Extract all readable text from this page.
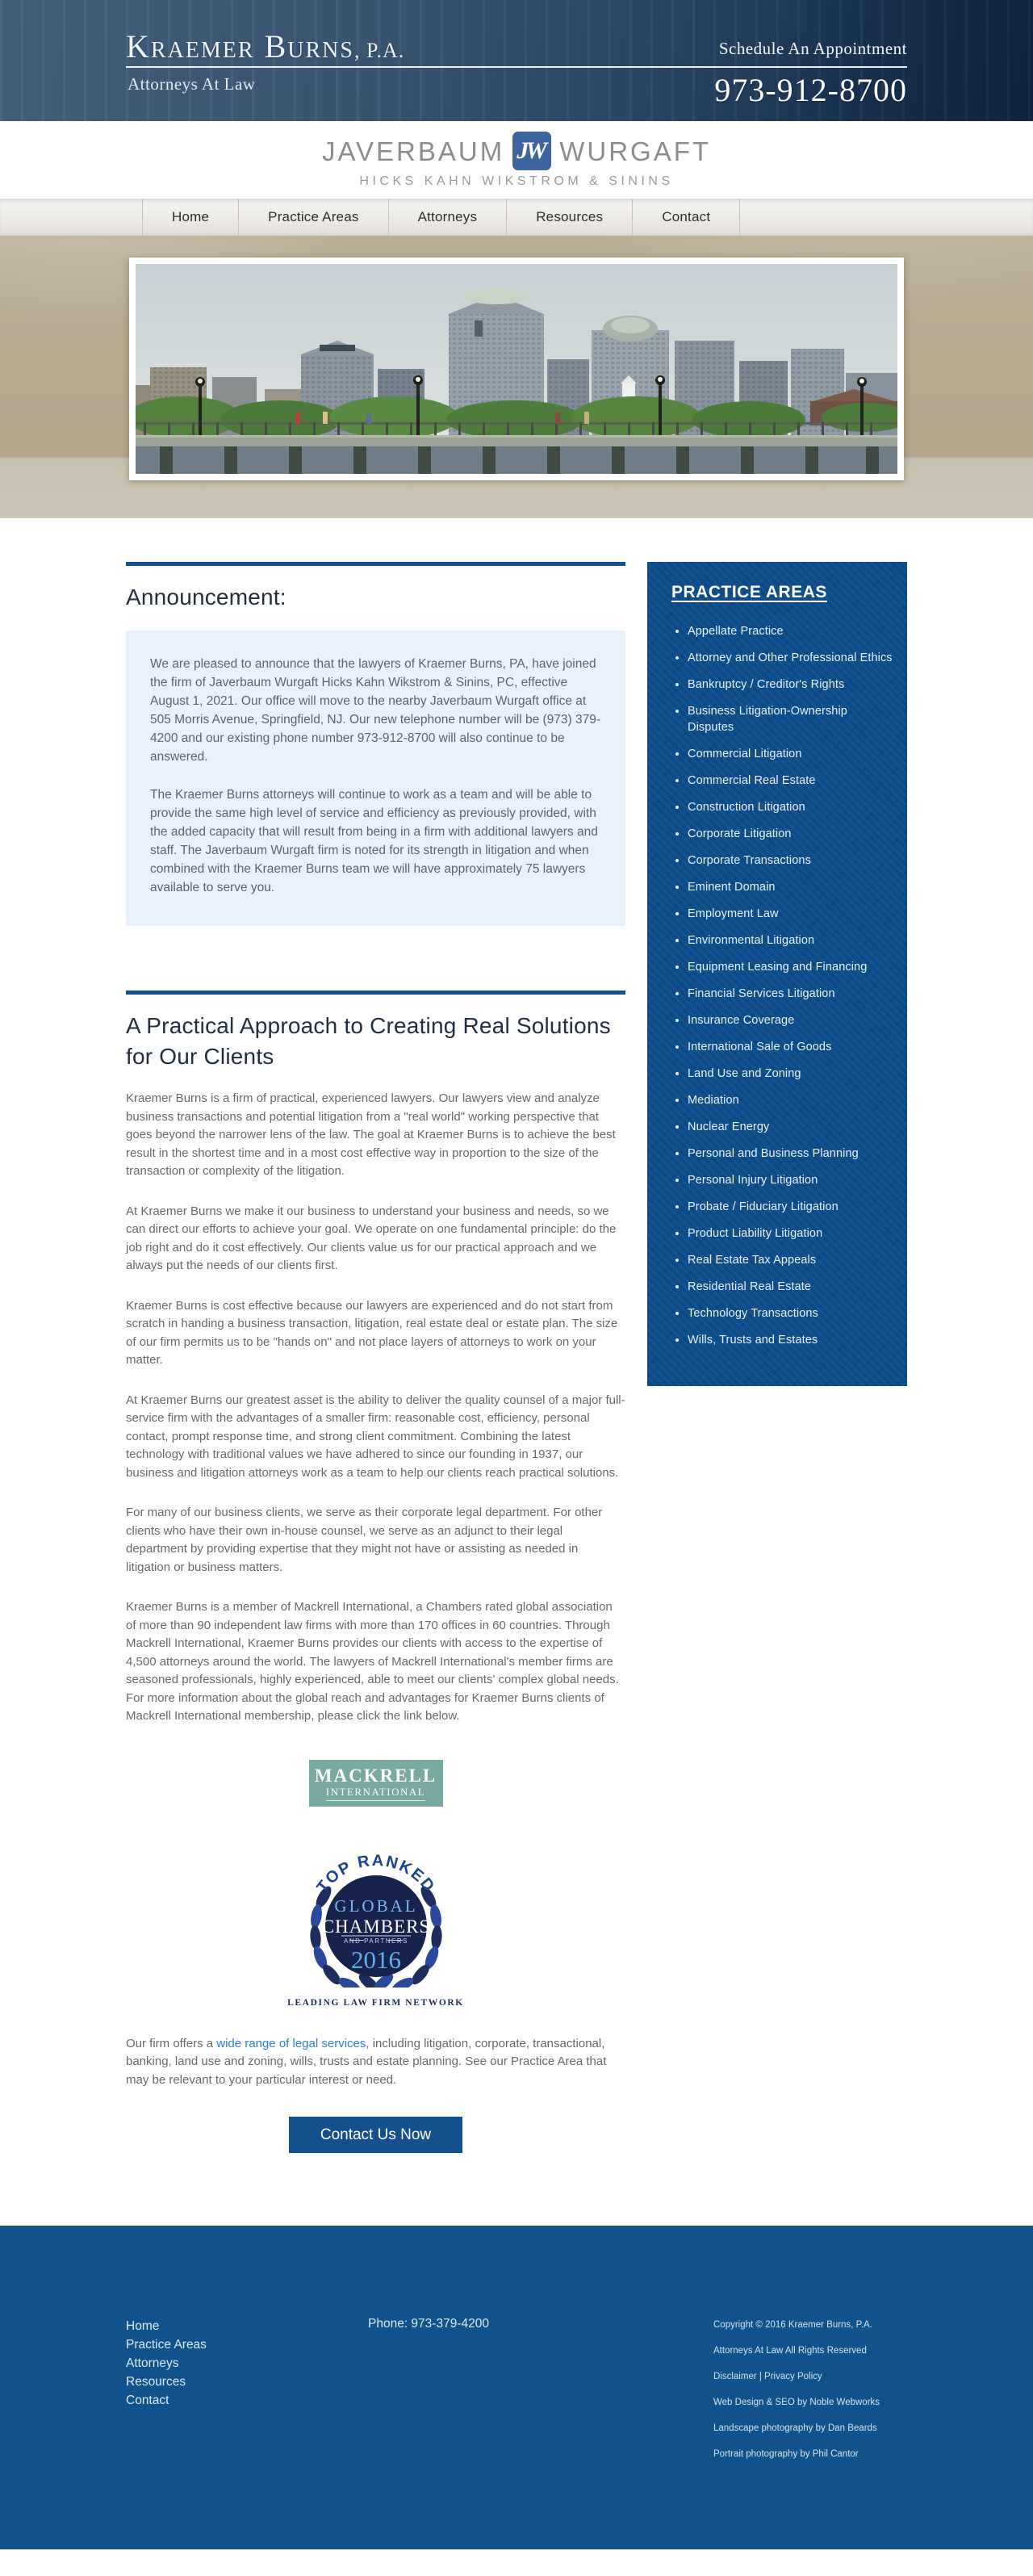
Kraemer Burns, P.A.
Attorneys At Law
Schedule An Appointment
973-912-8700
JAVERBAUM JW WURGAFT
HICKS KAHN WIKSTROM & SININS
Home	Practice Areas	Attorneys	Resources	Contact
Announcement:

We are pleased to announce that the lawyers of Kraemer Burns, PA, have joined the firm of Javerbaum Wurgaft Hicks Kahn Wikstrom & Sinins, PC, effective August 1, 2021. Our office will move to the nearby Javerbaum Wurgaft office at 505 Morris Avenue, Springfield, NJ. Our new telephone number will be (973) 379-4200 and our existing phone number 973-912-8700 will also continue to be answered.

The Kraemer Burns attorneys will continue to work as a team and will be able to provide the same high level of service and efficiency as previously provided, with the added capacity that will result from being in a firm with additional lawyers and staff. The Javerbaum Wurgaft firm is noted for its strength in litigation and when combined with the Kraemer Burns team we will have approximately 75 lawyers available to serve you.

A Practical Approach to Creating Real Solutions for Our Clients

Kraemer Burns is a firm of practical, experienced lawyers. Our lawyers view and analyze business transactions and potential litigation from a "real world" working perspective that goes beyond the narrower lens of the law. The goal at Kraemer Burns is to achieve the best result in the shortest time and in a most cost effective way in proportion to the size of the transaction or complexity of the litigation.

At Kraemer Burns we make it our business to understand your business and needs, so we can direct our efforts to achieve your goal. We operate on one fundamental principle: do the job right and do it cost effectively. Our clients value us for our practical approach and we always put the needs of our clients first.

Kraemer Burns is cost effective because our lawyers are experienced and do not start from scratch in handing a business transaction, litigation, real estate deal or estate plan. The size of our firm permits us to be "hands on" and not place layers of attorneys to work on your matter.

At Kraemer Burns our greatest asset is the ability to deliver the quality counsel of a major full-service firm with the advantages of a smaller firm: reasonable cost, efficiency, personal contact, prompt response time, and strong client commitment. Combining the latest technology with traditional values we have adhered to since our founding in 1937, our business and litigation attorneys work as a team to help our clients reach practical solutions.

For many of our business clients, we serve as their corporate legal department. For other clients who have their own in-house counsel, we serve as an adjunct to their legal department by providing expertise that they might not have or assisting as needed in litigation or business matters.

Kraemer Burns is a member of Mackrell International, a Chambers rated global association of more than 90 independent law firms with more than 170 offices in 60 countries. Through Mackrell International, Kraemer Burns provides our clients with access to the expertise of 4,500 attorneys around the world. The lawyers of Mackrell International's member firms are seasoned professionals, highly experienced, able to meet our clients' complex global needs. For more information about the global reach and advantages for Kraemer Burns clients of Mackrell International membership, please click the link below.

MACKRELL
INTERNATIONAL
TOP RANKED
GLOBAL
CHAMBERS
AND PARTNERS
2016
LEADING LAW FIRM NETWORK

Our firm offers a wide range of legal services, including litigation, corporate, transactional, banking, land use and zoning, wills, trusts and estate planning. See our Practice Area that may be relevant to your particular interest or need.

Contact Us Now
PRACTICE AREAS
• Appellate Practice
• Attorney and Other Professional Ethics
• Bankruptcy / Creditor's Rights
• Business Litigation-Ownership Disputes
• Commercial Litigation
• Commercial Real Estate
• Construction Litigation
• Corporate Litigation
• Corporate Transactions
• Eminent Domain
• Employment Law
• Environmental Litigation
• Equipment Leasing and Financing
• Financial Services Litigation
• Insurance Coverage
• International Sale of Goods
• Land Use and Zoning
• Mediation
• Nuclear Energy
• Personal and Business Planning
• Personal Injury Litigation
• Probate / Fiduciary Litigation
• Product Liability Litigation
• Real Estate Tax Appeals
• Residential Real Estate
• Technology Transactions
• Wills, Trusts and Estates
Home
Practice Areas
Attorneys
Resources
Contact
Phone: 973-379-4200	Copyright © 2016 Kraemer Burns, P.A.

Attorneys At Law All Rights Reserved

Disclaimer | Privacy Policy

Web Design & SEO by Noble Webworks

Landscape photography by Dan Beards

Portrait photography by Phil Cantor
